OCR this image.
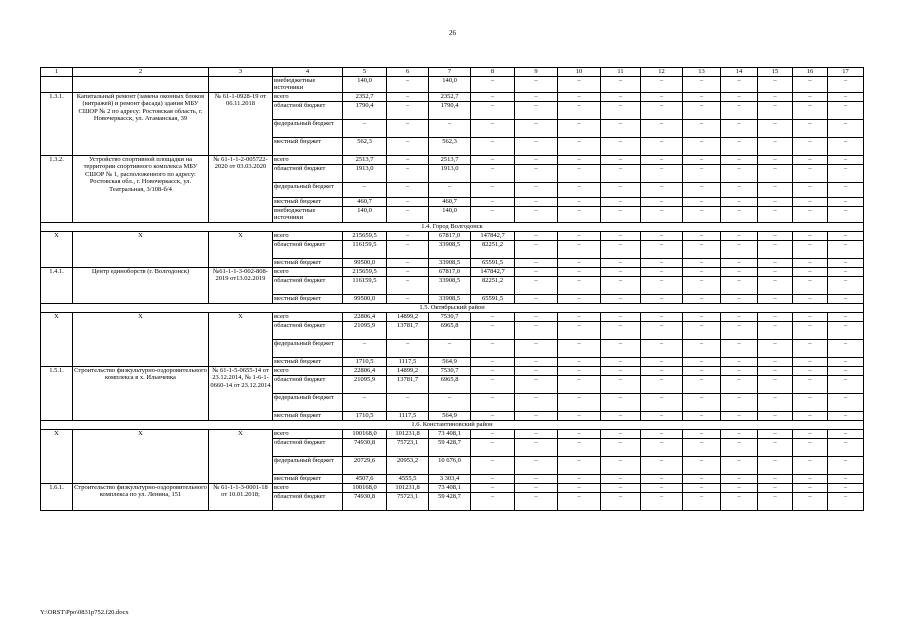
26
1	2	3	4	5	6	7	8	9	10	11	12	13	14	15	16	17
			внебюджетные источники	140,0	–	140,0	–	–	–	–	–	–	–	–	–	–
1.3.1.	Капитальный ремонт (замена оконных блоков (витражей) и ремонт фасада) здания МБУ СШОР № 2 по адресу: Ростовская область, г. Новочеркасск, ул. Атаманская, 39	№ 61-1-0928-19 от 06.11.2018	всего	2352,7	–	2352,7	–	–	–	–	–	–	–	–	–	–
			областной бюджет	1790,4	–	1790,4	–	–	–	–	–	–	–	–	–	–
			федеральный бюджет	–	–	–	–	–	–	–	–	–	–	–	–	–
			местный бюджет	562,3	–	562,3	–	–	–	–	–	–	–	–	–	–
1.3.2.	Устройство спортивной площадки на территории спортивного комплекса МБУ СШОР № 1, расположенного по адресу: Ростовская обл., г. Новочеркасск, ул. Театральная, 3/108-б/4	№ 61-1-1-2-005722-2020 от 03.03.2020	всего	2513,7	–	2513,7	–	–	–	–	–	–	–	–	–	–
			областной бюджет	1913,0	–	1913,0	–	–	–	–	–	–	–	–	–	–
			федеральный бюджет	–	–	–	–	–	–	–	–	–	–	–	–	–
			местный бюджет	460,7	–	460,7	–	–	–	–	–	–	–	–	–	–
			внебюджетные источники	140,0	–	140,0	–	–	–	–	–	–	–	–	–	–
1.4. Город Волгодонск																
Х	Х	Х	всего	215659,5	–	67817,0	147842,7	–	–	–	–	–	–	–	–	–
			областной бюджет	116159,5	–	33908,5	82251,2	–	–	–	–	–	–	–	–	–
			местный бюджет	99500,0	–	33908,5	65591,5	–	–	–	–	–	–	–	–	–
1.4.1.	Центр единоборств (г. Волгодонск)	№61-1-1-3-002-808-2019 от13.02.2019	всего	215659,5	–	67817,0	147842,7	–	–	–	–	–	–	–	–	–
			областной бюджет	116159,5	–	33908,5	82251,2	–	–	–	–	–	–	–	–	–
			местный бюджет	99500,0	–	33908,5	65591,5	–	–	–	–	–	–	–	–	–
1.5. Октябрьский район																
Х	Х	Х	всего	22806,4	14899,2	7530,7	–	–	–	–	–	–	–	–	–	–
			областной бюджет	21095,9	13781,7	6965,8	–	–	–	–	–	–	–	–	–	–
			федеральный бюджет	–	–	–	–	–	–	–	–	–	–	–	–	–
			местный бюджет	1710,5	1117,5	564,9	–	–	–	–	–	–	–	–	–	–
1.5.1.	Строительство физкультурно-оздоровительного комплекса в х. Ильичевка	№ 61-1-5-0655-14 от 23.12.2014, № 1-6-1-0660-14 от 23.12.2014	всего	22806,4	14899,2	7530,7	–	–	–	–	–	–	–	–	–	–
			областной бюджет	21095,9	13781,7	6965,8	–	–	–	–	–	–	–	–	–	–
			федеральный бюджет	–	–	–	–	–	–	–	–	–	–	–	–	–
			местный бюджет	1710,5	1117,5	564,9	–	–	–	–	–	–	–	–	–	–
1.6. Константиновский район																
Х	Х	Х	всего	100168,0	101231,8	73 408,1	–	–	–	–	–	–	–	–	–	–
			областной бюджет	74930,8	75723,1	59 428,7	–	–	–	–	–	–	–	–	–	–
			федеральный бюджет	20729,6	20953,2	10 676,0	–	–	–	–	–	–	–	–	–	–
			местный бюджет	4507,6	4555,5	3 303,4	–	–	–	–	–	–	–	–	–	–
1.6.1.	Строительство физкультурно-оздоровительного комплекса по ул. Ленина, 151	№ 61-1-1-3-0001-18 от 10.01.2018;	всего	100168,0	101231,8	73 408,1	–	–	–	–	–	–	–	–	–	–
			областной бюджет	74930,8	75723,1	59 428,7	–	–	–	–	–	–	–	–	–	–
Y:\ORST\Ppo\0831p752.f20.docx
